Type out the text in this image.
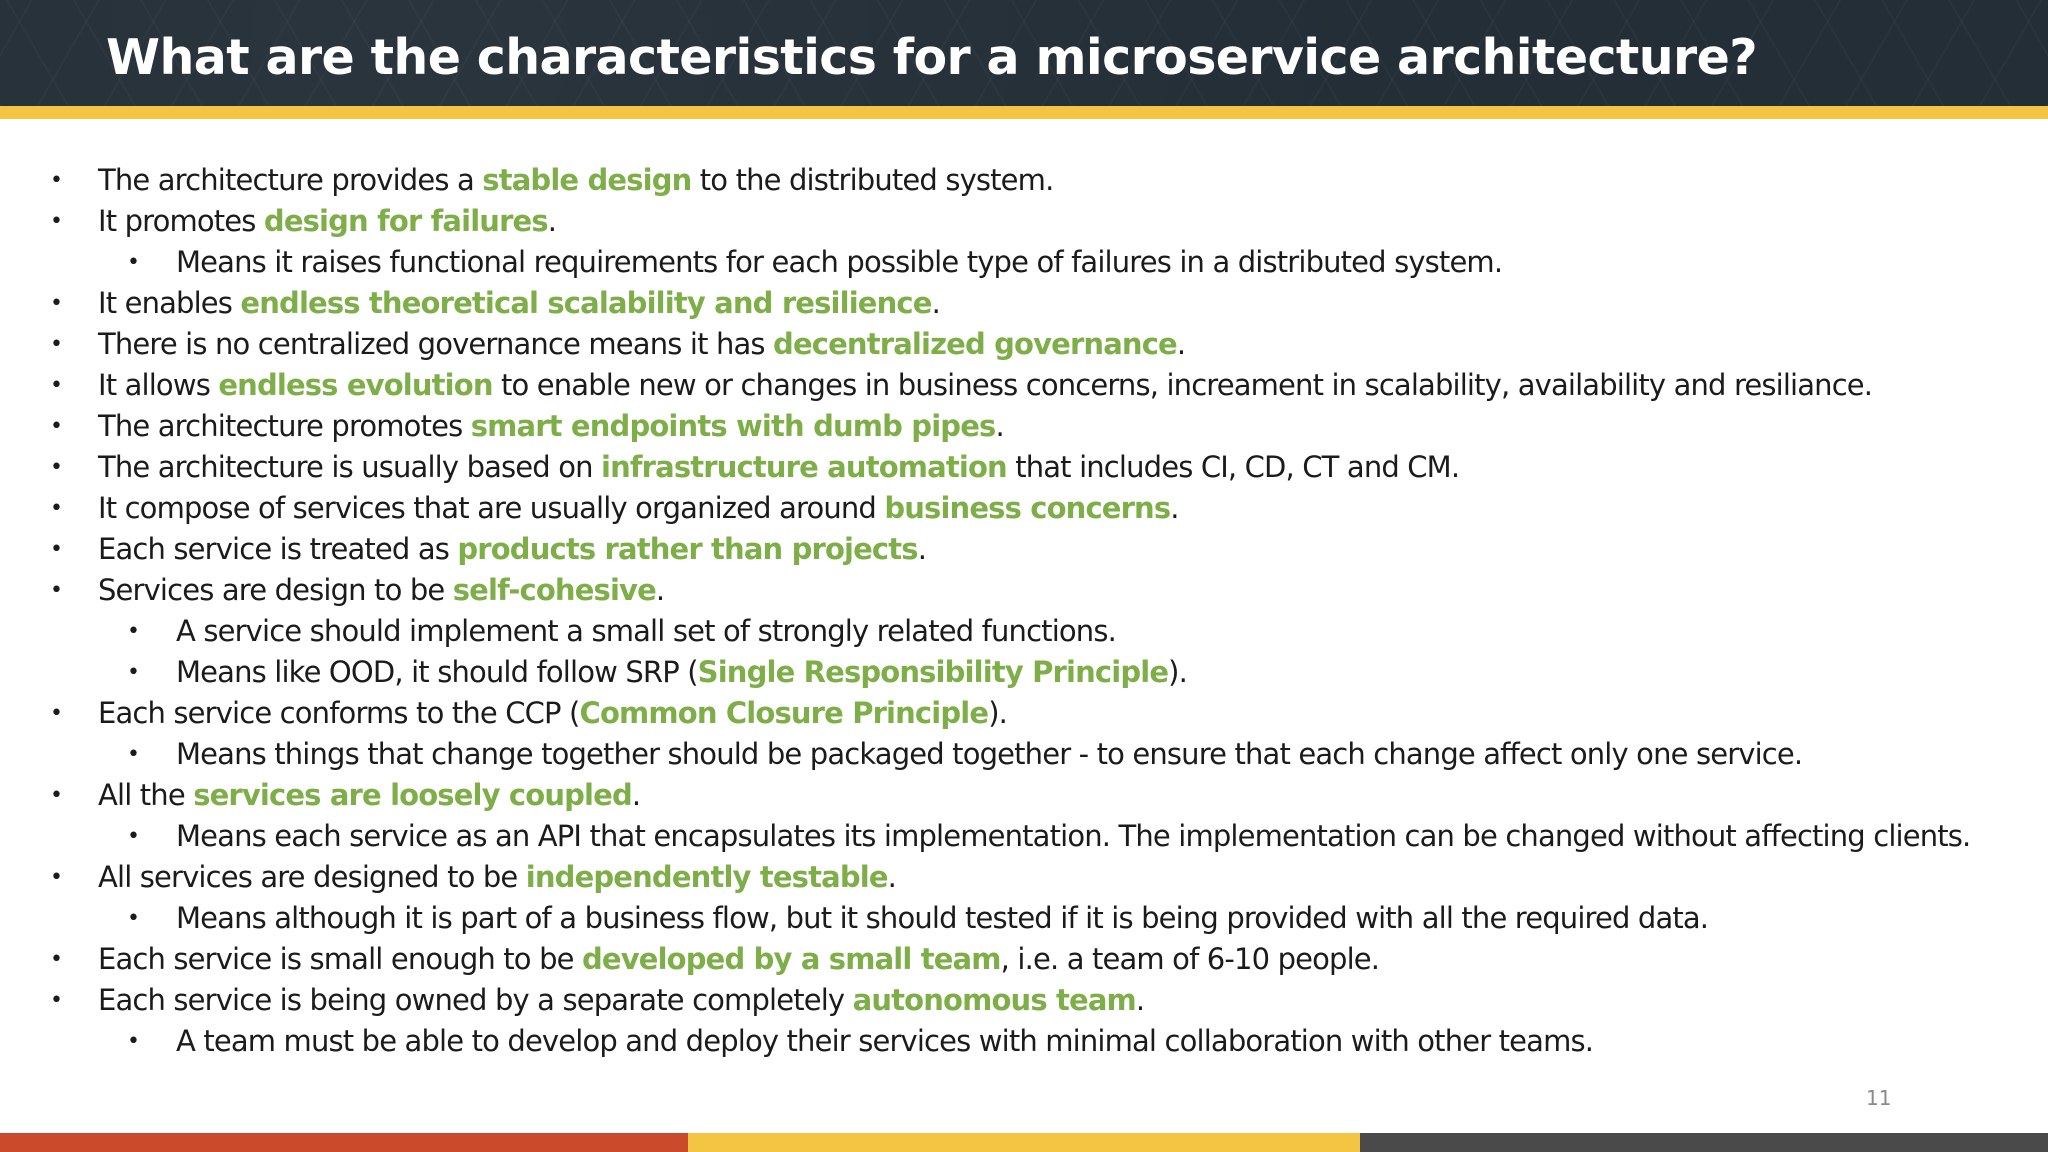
What are the characteristics for a microservice architecture?
• The architecture provides a stable design to the distributed system.
• It promotes design for failures.
• Means it raises functional requirements for each possible type of failures in a distributed system.
• It enables endless theoretical scalability and resilience.
• There is no centralized governance means it has decentralized governance.
• It allows endless evolution to enable new or changes in business concerns, increament in scalability, availability and resiliance.
• The architecture promotes smart endpoints with dumb pipes.
• The architecture is usually based on infrastructure automation that includes CI, CD, CT and CM.
• It compose of services that are usually organized around business concerns.
• Each service is treated as products rather than projects.
• Services are design to be self-cohesive.
• A service should implement a small set of strongly related functions.
• Means like OOD, it should follow SRP (Single Responsibility Principle).
• Each service conforms to the CCP (Common Closure Principle).
• Means things that change together should be packaged together - to ensure that each change affect only one service.
• All the services are loosely coupled.
• Means each service as an API that encapsulates its implementation. The implementation can be changed without affecting clients.
• All services are designed to be independently testable.
• Means although it is part of a business flow, but it should tested if it is being provided with all the required data.
• Each service is small enough to be developed by a small team, i.e. a team of 6-10 people.
• Each service is being owned by a separate completely autonomous team.
• A team must be able to develop and deploy their services with minimal collaboration with other teams.

11
